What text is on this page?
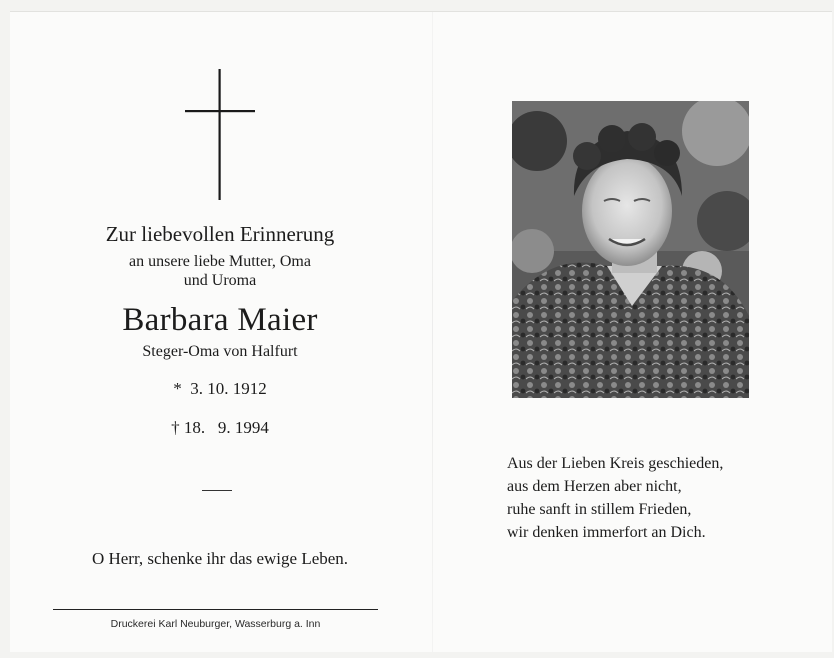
Zur liebevollen Erinnerung
an unsere liebe Mutter, Oma
und Uroma
Barbara Maier
Steger-Oma von Halfurt
*  3. 10. 1912
† 18.   9. 1994
O Herr, schenke ihr das ewige Leben.
Druckerei Karl Neuburger, Wasserburg a. Inn
Aus der Lieben Kreis geschieden,
aus dem Herzen aber nicht,
ruhe sanft in stillem Frieden,
wir denken immerfort an Dich.
